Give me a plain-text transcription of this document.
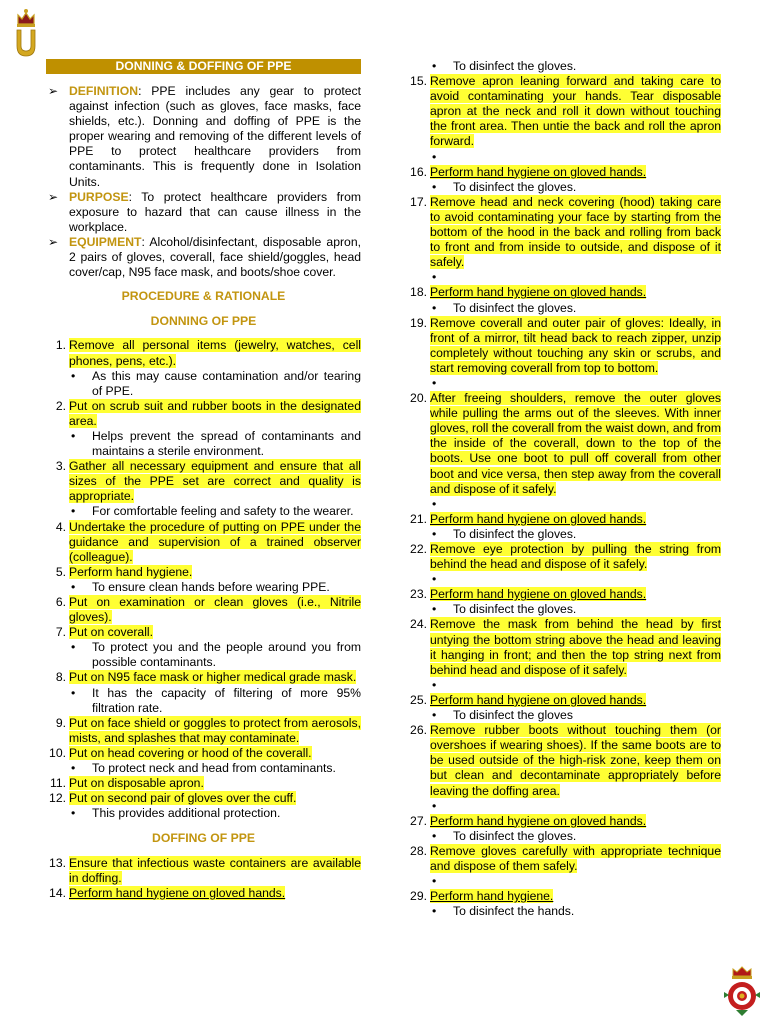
DONNING & DOFFING OF PPE
➢ DEFINITION: PPE includes any gear to protect against infection (such as gloves, face masks, face shields, etc.). Donning and doffing of PPE is the proper wearing and removing of the different levels of PPE to protect healthcare providers from contaminants. This is frequently done in Isolation Units.
➢ PURPOSE: To protect healthcare providers from exposure to hazard that can cause illness in the workplace.
➢ EQUIPMENT: Alcohol/disinfectant, disposable apron, 2 pairs of gloves, coverall, face shield/goggles, head cover/cap, N95 face mask, and boots/shoe cover.
PROCEDURE & RATIONALE
DONNING OF PPE
1. Remove all personal items (jewelry, watches, cell phones, pens, etc.).
• As this may cause contamination and/or tearing of PPE.
2. Put on scrub suit and rubber boots in the designated area.
• Helps prevent the spread of contaminants and maintains a sterile environment.
3. Gather all necessary equipment and ensure that all sizes of the PPE set are correct and quality is appropriate.
• For comfortable feeling and safety to the wearer.
4. Undertake the procedure of putting on PPE under the guidance and supervision of a trained observer (colleague).
5. Perform hand hygiene.
• To ensure clean hands before wearing PPE.
6. Put on examination or clean gloves (i.e., Nitrile gloves).
7. Put on coverall.
• To protect you and the people around you from possible contaminants.
8. Put on N95 face mask or higher medical grade mask.
• It has the capacity of filtering of more 95% filtration rate.
9. Put on face shield or goggles to protect from aerosols, mists, and splashes that may contaminate.
10. Put on head covering or hood of the coverall.
• To protect neck and head from contaminants.
11. Put on disposable apron.
12. Put on second pair of gloves over the cuff.
• This provides additional protection.
DOFFING OF PPE
13. Ensure that infectious waste containers are available in doffing.
14. Perform hand hygiene on gloved hands.
• To disinfect the gloves.
15. Remove apron leaning forward and taking care to avoid contaminating your hands. Tear disposable apron at the neck and roll it down without touching the front area. Then untie the back and roll the apron forward.
•
16. Perform hand hygiene on gloved hands.
• To disinfect the gloves.
17. Remove head and neck covering (hood) taking care to avoid contaminating your face by starting from the bottom of the hood in the back and rolling from back to front and from inside to outside, and dispose of it safely.
•
18. Perform hand hygiene on gloved hands.
• To disinfect the gloves.
19. Remove coverall and outer pair of gloves: Ideally, in front of a mirror, tilt head back to reach zipper, unzip completely without touching any skin or scrubs, and start removing coverall from top to bottom.
•
20. After freeing shoulders, remove the outer gloves while pulling the arms out of the sleeves. With inner gloves, roll the coverall from the waist down, and from the inside of the coverall, down to the top of the boots. Use one boot to pull off coverall from other boot and vice versa, then step away from the coverall and dispose of it safely.
•
21. Perform hand hygiene on gloved hands.
• To disinfect the gloves.
22. Remove eye protection by pulling the string from behind the head and dispose of it safely.
•
23. Perform hand hygiene on gloved hands.
• To disinfect the gloves.
24. Remove the mask from behind the head by first untying the bottom string above the head and leaving it hanging in front; and then the top string next from behind head and dispose of it safely.
•
25. Perform hand hygiene on gloved hands.
• To disinfect the gloves
26. Remove rubber boots without touching them (or overshoes if wearing shoes). If the same boots are to be used outside of the high-risk zone, keep them on but clean and decontaminate appropriately before leaving the doffing area.
•
27. Perform hand hygiene on gloved hands.
• To disinfect the gloves.
28. Remove gloves carefully with appropriate technique and dispose of them safely.
•
29. Perform hand hygiene.
• To disinfect the hands.
